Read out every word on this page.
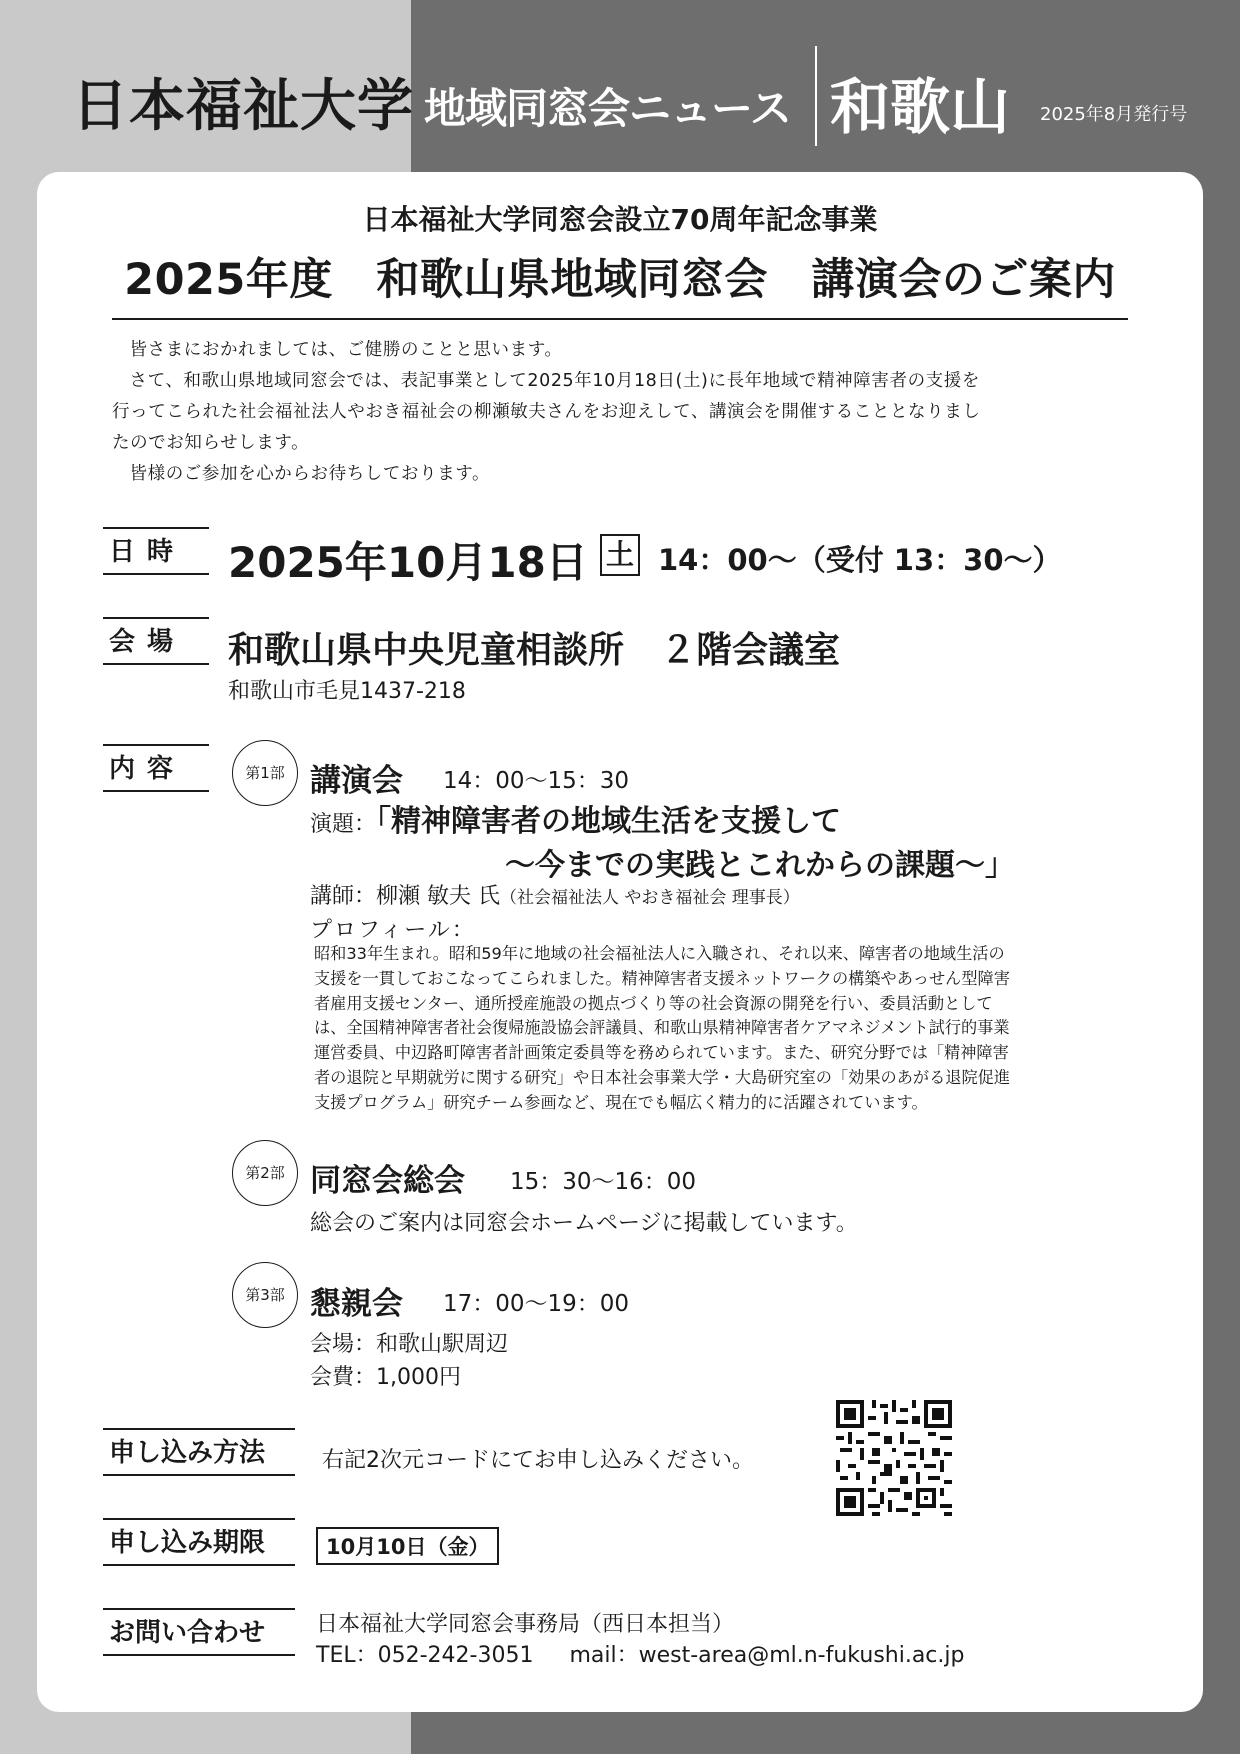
日本福祉大学 地域同窓会ニュース 和歌山 2025年8月発行号
日本福祉大学同窓会設立70周年記念事業
2025年度　和歌山県地域同窓会　講演会のご案内

皆さまにおかれましては、ご健勝のことと思います。

さて、和歌山県地域同窓会では、表記事業として2025年10月18日(土)に長年地域で精神障害者の支援を

行ってこられた社会福祉法人やおき福祉会の柳瀬敏夫さんをお迎えして、講演会を開催することとなりまし

たのでお知らせします。

皆様のご参加を心からお待ちしております。

日時	2025年10月18日 土 14：00〜（受付 13：30〜）
会場	和歌山県中央児童相談所　２階会議室
和歌山市毛見1437-218
内容	第1部 講演会 14：00〜15：30
演題：「精神障害者の地域生活を支援して
〜今までの実践とこれからの課題〜」
講師：柳瀬 敏夫 氏（社会福祉法人 やおき福祉会 理事長）
プロフィール：

昭和33年生まれ。昭和59年に地域の社会福祉法人に入職され、それ以来、障害者の地域生活の

支援を一貫しておこなってこられました。精神障害者支援ネットワークの構築やあっせん型障害

者雇用支援センター、通所授産施設の拠点づくり等の社会資源の開発を行い、委員活動として

は、全国精神障害者社会復帰施設協会評議員、和歌山県精神障害者ケアマネジメント試行的事業

運営委員、中辺路町障害者計画策定委員等を務められています。また、研究分野では「精神障害

者の退院と早期就労に関する研究」や日本社会事業大学・大島研究室の「効果のあがる退院促進

支援プログラム」研究チーム参画など、現在でも幅広く精力的に活躍されています。

第2部 同窓会総会 15：30〜16：00
総会のご案内は同窓会ホームページに掲載しています。
第3部 懇親会 17：00〜19：00
会場：和歌山駅周辺
会費：1,000円
申し込み方法	右記2次元コードにてお申し込みください。
申し込み期限	10月10日（金）
お問い合わせ	日本福祉大学同窓会事務局（西日本担当）
TEL：052-242-3051 mail：west-area@ml.n-fukushi.ac.jp
